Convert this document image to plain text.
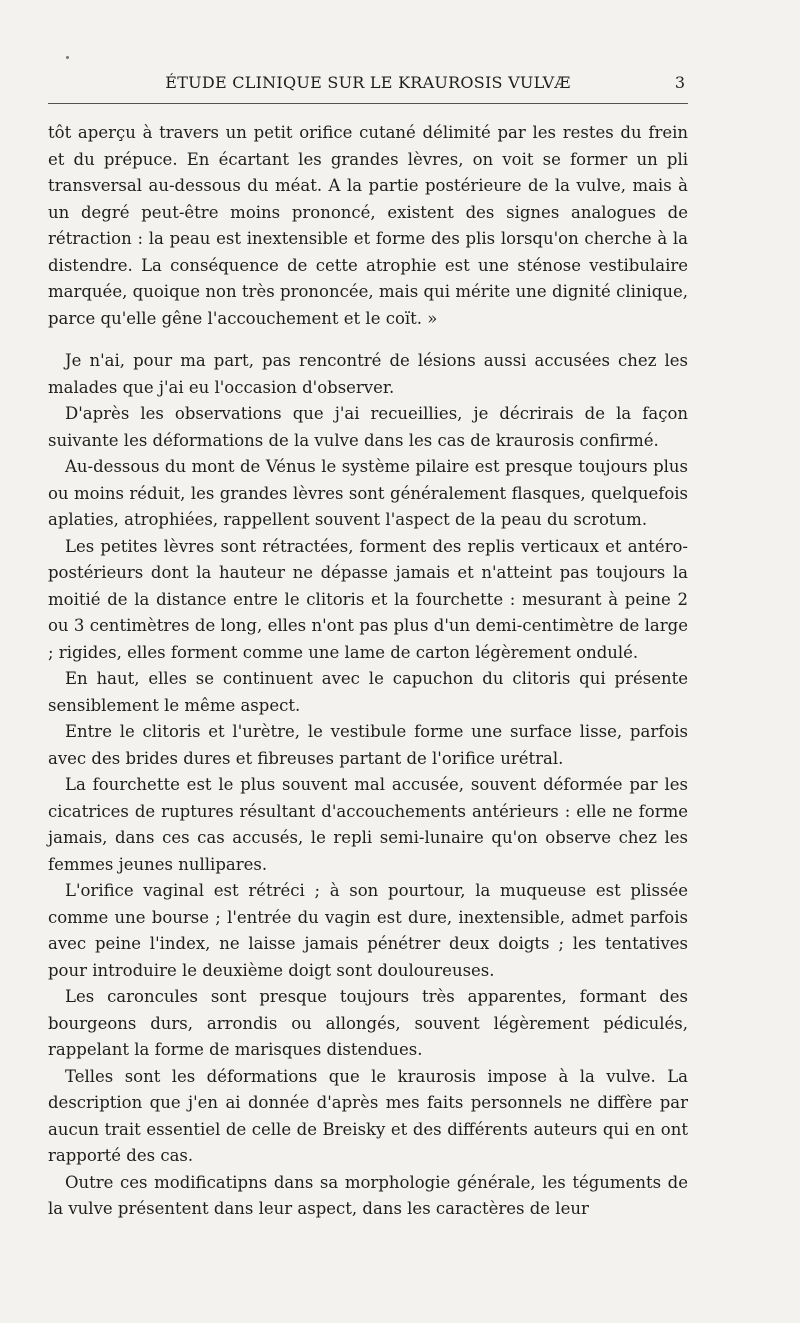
ÉTUDE CLINIQUE SUR LE KRAUROSIS VULVÆ	3

tôt aperçu à travers un petit orifice cutané délimité par les restes du frein et du prépuce. En écartant les grandes lèvres, on voit se former un pli transversal au-dessous du méat. A la partie postérieure de la vulve, mais à un degré peut-être moins prononcé, existent des signes analogues de rétraction : la peau est inextensible et forme des plis lorsqu'on cherche à la distendre. La conséquence de cette atrophie est une sténose vestibulaire marquée, quoique non très prononcée, mais qui mérite une dignité clinique, parce qu'elle gêne l'accouchement et le coït. »

Je n'ai, pour ma part, pas rencontré de lésions aussi accusées chez les malades que j'ai eu l'occasion d'observer.

D'après les observations que j'ai recueillies, je décrirais de la façon suivante les déformations de la vulve dans les cas de kraurosis confirmé.

Au-dessous du mont de Vénus le système pilaire est presque toujours plus ou moins réduit, les grandes lèvres sont généralement flasques, quelquefois aplaties, atrophiées, rappellent souvent l'aspect de la peau du scrotum.

Les petites lèvres sont rétractées, forment des replis verticaux et antéro-postérieurs dont la hauteur ne dépasse jamais et n'atteint pas toujours la moitié de la distance entre le clitoris et la fourchette : mesurant à peine 2 ou 3 centimètres de long, elles n'ont pas plus d'un demi-centimètre de large ; rigides, elles forment comme une lame de carton légèrement ondulé.

En haut, elles se continuent avec le capuchon du clitoris qui présente sensiblement le même aspect.

Entre le clitoris et l'urètre, le vestibule forme une surface lisse, parfois avec des brides dures et fibreuses partant de l'orifice urétral.

La fourchette est le plus souvent mal accusée, souvent déformée par les cicatrices de ruptures résultant d'accouchements antérieurs : elle ne forme jamais, dans ces cas accusés, le repli semi-lunaire qu'on observe chez les femmes jeunes nullipares.

L'orifice vaginal est rétréci ; à son pourtour, la muqueuse est plissée comme une bourse ; l'entrée du vagin est dure, inextensible, admet parfois avec peine l'index, ne laisse jamais pénétrer deux doigts ; les tentatives pour introduire le deuxième doigt sont douloureuses.

Les caroncules sont presque toujours très apparentes, formant des bourgeons durs, arrondis ou allongés, souvent légèrement pédiculés, rappelant la forme de marisques distendues.

Telles sont les déformations que le kraurosis impose à la vulve. La description que j'en ai donnée d'après mes faits personnels ne diffère par aucun trait essentiel de celle de Breisky et des différents auteurs qui en ont rapporté des cas.

Outre ces modificatipns dans sa morphologie générale, les téguments de la vulve présentent dans leur aspect, dans les caractères de leur
